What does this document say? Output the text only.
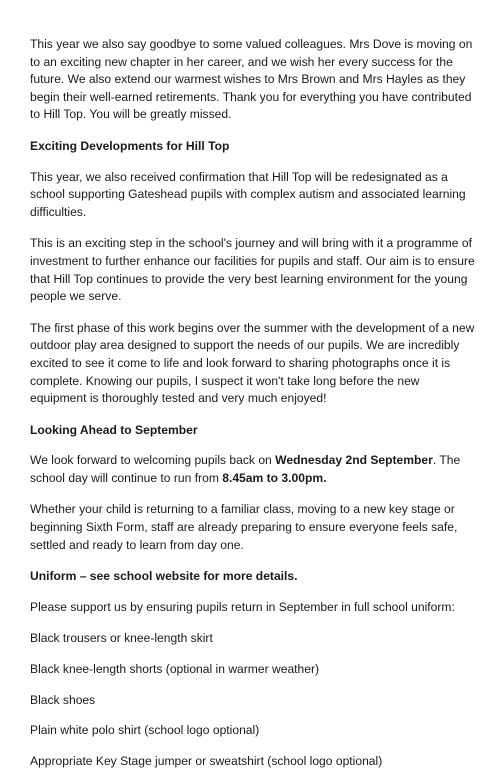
This year we also say goodbye to some valued colleagues. Mrs Dove is moving on to an exciting new chapter in her career, and we wish her every success for the future. We also extend our warmest wishes to Mrs Brown and Mrs Hayles as they begin their well-earned retirements. Thank you for everything you have contributed to Hill Top. You will be greatly missed.

Exciting Developments for Hill Top

This year, we also received confirmation that Hill Top will be redesignated as a school supporting Gateshead pupils with complex autism and associated learning difficulties.

This is an exciting step in the school's journey and will bring with it a programme of investment to further enhance our facilities for pupils and staff. Our aim is to ensure that Hill Top continues to provide the very best learning environment for the young people we serve.

The first phase of this work begins over the summer with the development of a new outdoor play area designed to support the needs of our pupils. We are incredibly excited to see it come to life and look forward to sharing photographs once it is complete. Knowing our pupils, I suspect it won't take long before the new equipment is thoroughly tested and very much enjoyed!

Looking Ahead to September

We look forward to welcoming pupils back on Wednesday 2nd September. The school day will continue to run from 8.45am to 3.00pm.

Whether your child is returning to a familiar class, moving to a new key stage or beginning Sixth Form, staff are already preparing to ensure everyone feels safe, settled and ready to learn from day one.

Uniform – see school website for more details.

Please support us by ensuring pupils return in September in full school uniform:

Black trousers or knee-length skirt
Black knee-length shorts (optional in warmer weather)
Black shoes
Plain white polo shirt (school logo optional)
Appropriate Key Stage jumper or sweatshirt (school logo optional)
